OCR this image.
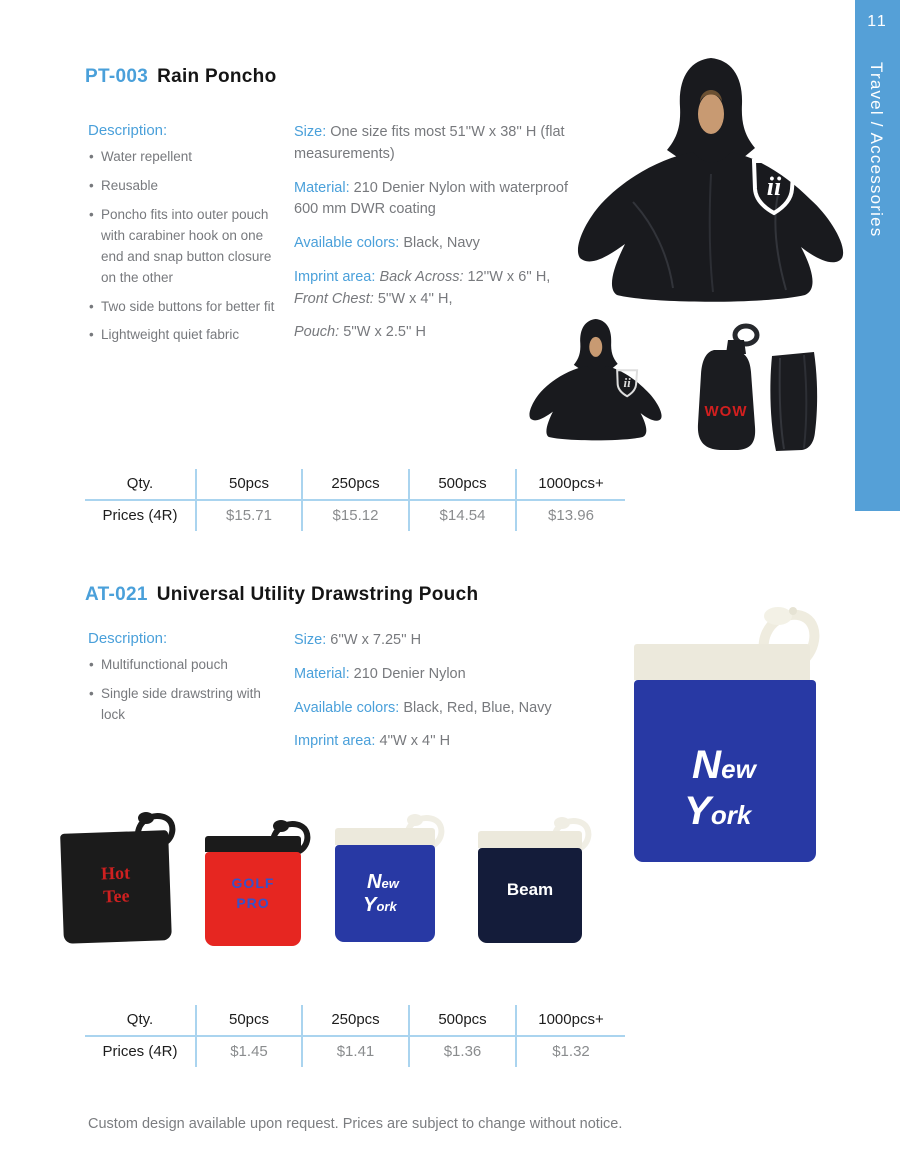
11
Travel / Accessories
PT-003 Rain Poncho

Description:

• Water repellent
• Reusable
• Poncho fits into outer pouch with carabiner hook on one end and snap button closure on the other
• Two side buttons for better fit
• Lightweight quiet fabric

Size: One size fits most 51''W x 38'' H (flat measurements)

Material: 210 Denier Nylon with waterproof 600 mm DWR coating

Available colors: Black, Navy

Imprint area: Back Across: 12''W x 6'' H, Front Chest: 5''W x 4'' H,

Pouch: 5''W x 2.5'' H

ii
ii
WOW
Qty.	50pcs	250pcs	500pcs	1000pcs+
Prices (4R)	$15.71	$15.12	$14.54	$13.96
AT-021 Universal Utility Drawstring Pouch

Description:

• Multifunctional pouch
• Single side drawstring with lock

Size: 6''W x 7.25'' H

Material: 210 Denier Nylon

Available colors: Black, Red, Blue, Navy

Imprint area: 4''W x 4'' H

New
York
Hot
Tee
GOLF
PRO
New
York
Beam
Qty.	50pcs	250pcs	500pcs	1000pcs+
Prices (4R)	$1.45	$1.41	$1.36	$1.32
Custom design available upon request. Prices are subject to change without notice.
